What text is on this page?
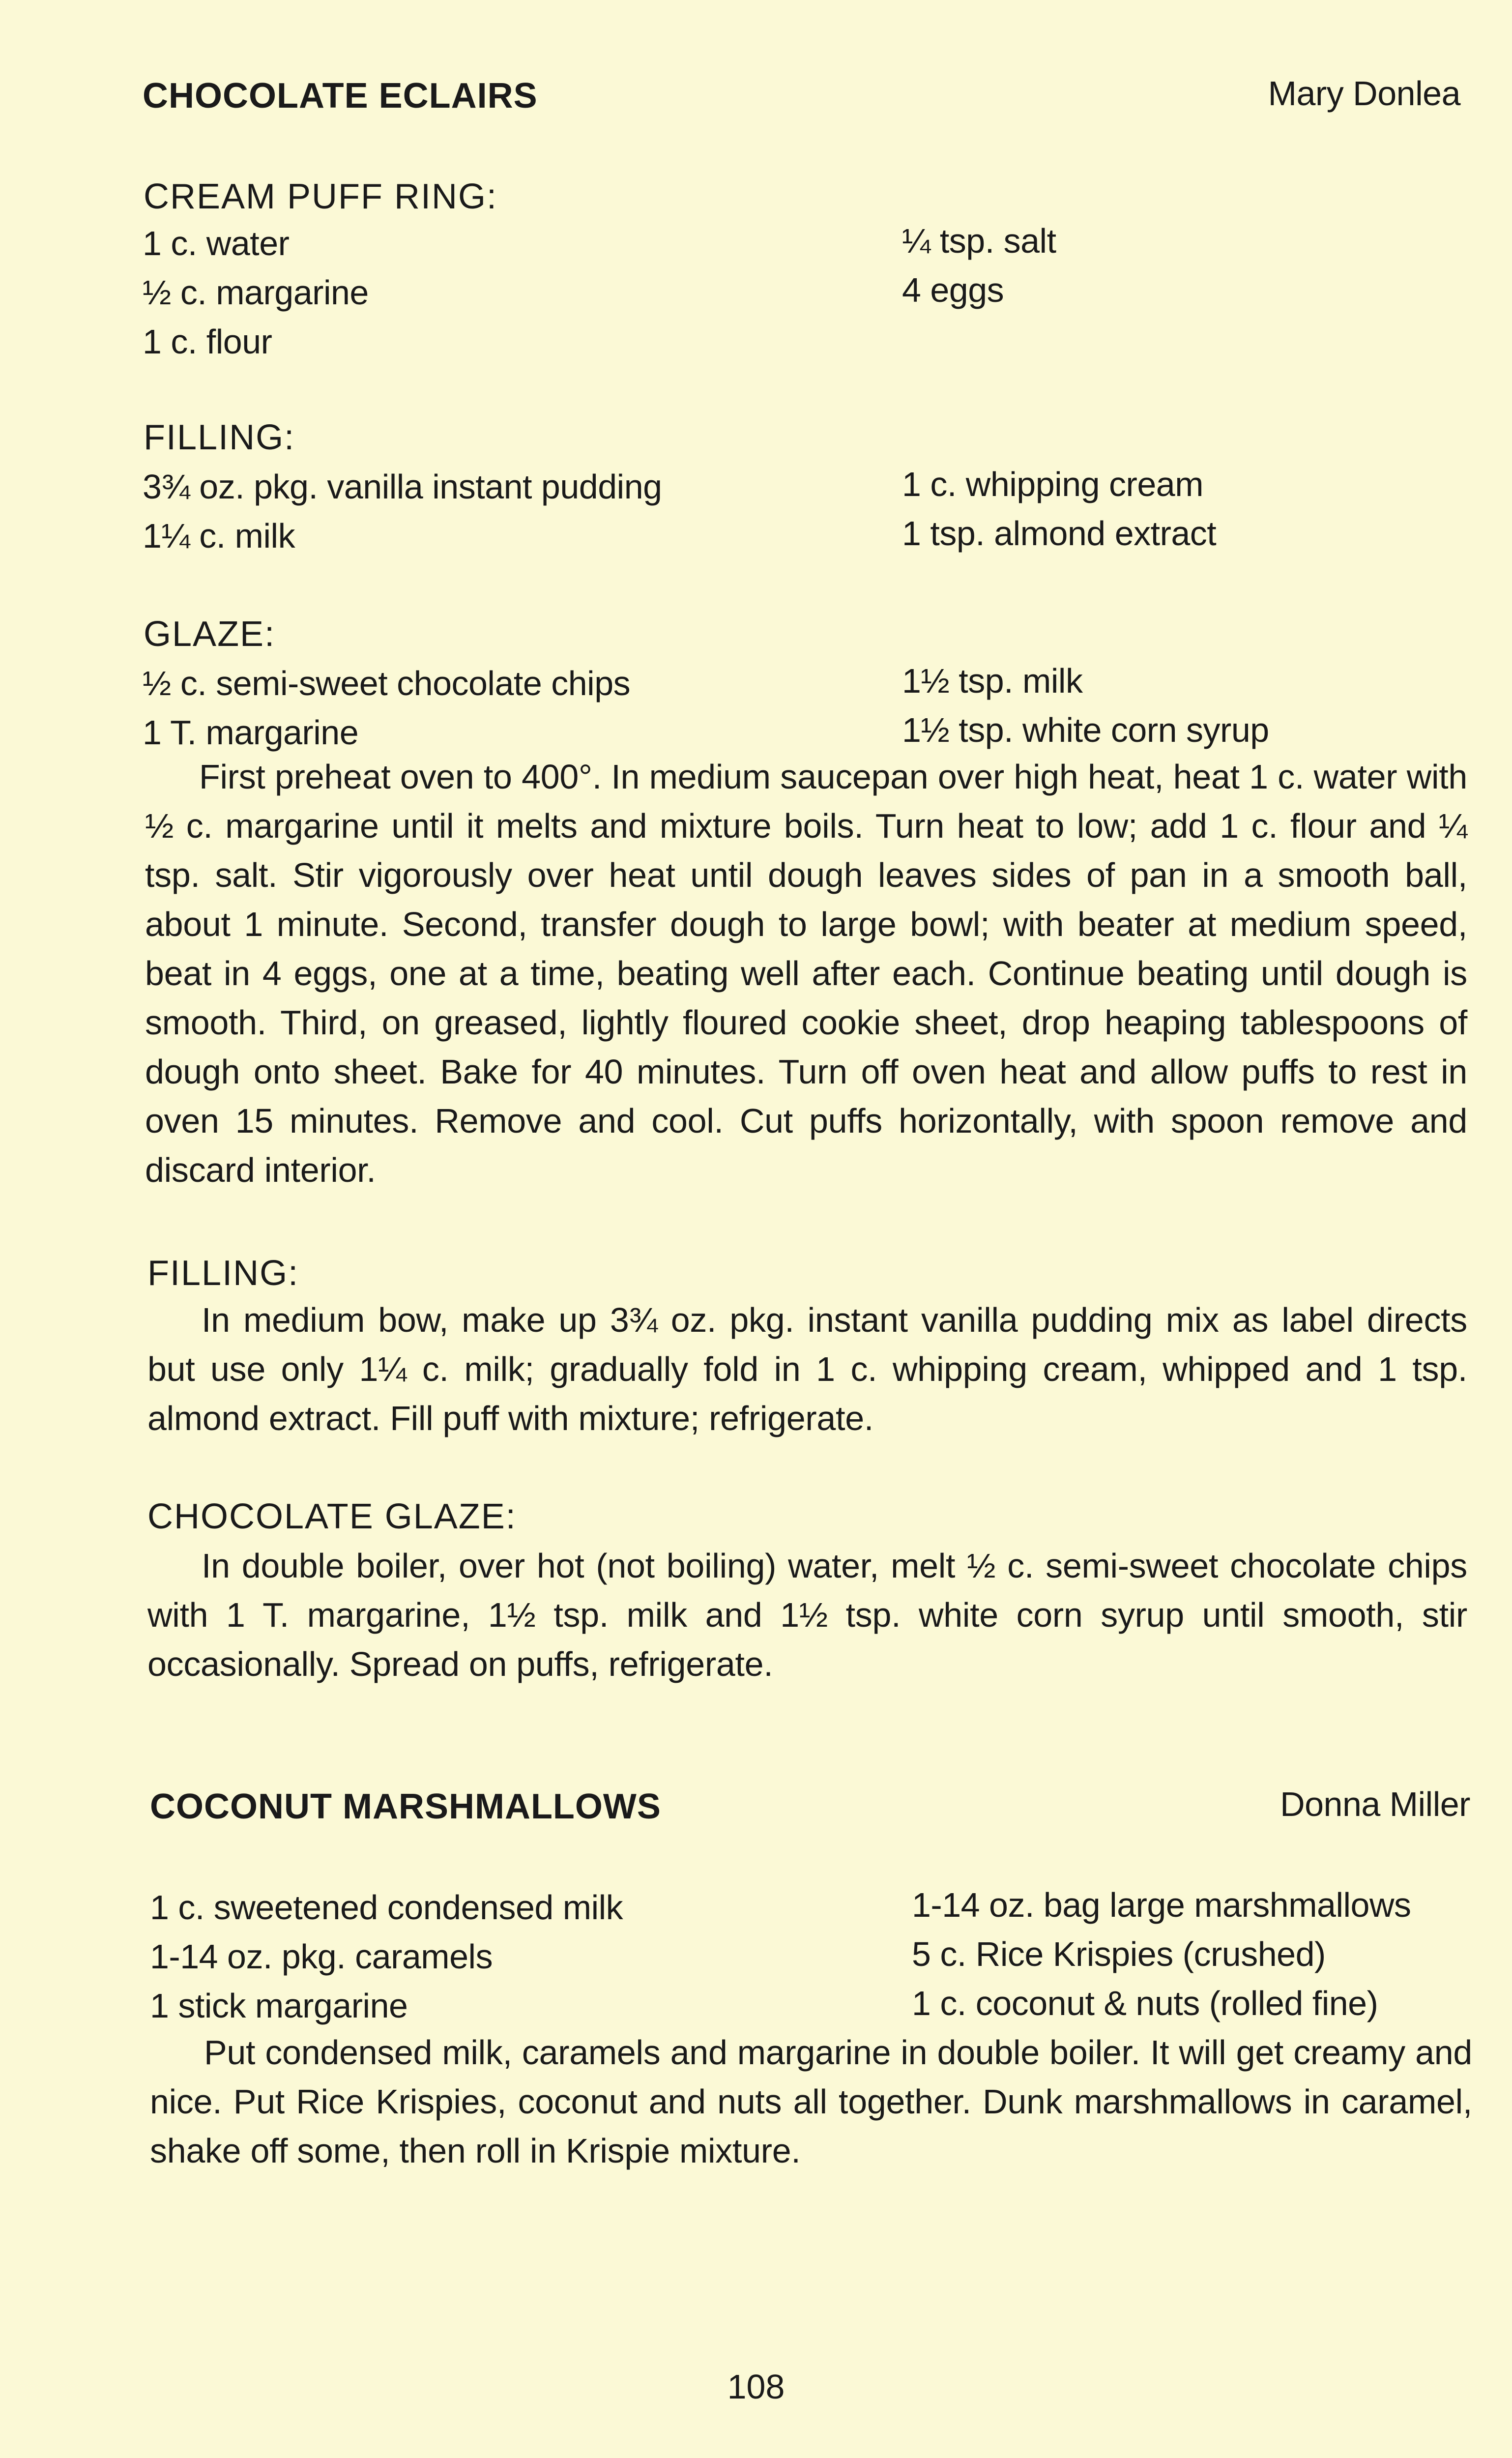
CHOCOLATE ECLAIRS	Mary Donlea
CREAM PUFF RING:
1 c. water
½ c. margarine
1 c. flour
¼ tsp. salt
4 eggs
FILLING:
3¾ oz. pkg. vanilla instant pudding
1¼ c. milk
1 c. whipping cream
1 tsp. almond extract
GLAZE:
½ c. semi-sweet chocolate chips
1 T. margarine
1½ tsp. milk
1½ tsp. white corn syrup
First preheat oven to 400°. In medium saucepan over high heat, heat 1 c. water with ½ c. margarine until it melts and mixture boils. Turn heat to low; add 1 c. flour and ¼ tsp. salt. Stir vigorously over heat until dough leaves sides of pan in a smooth ball, about 1 minute. Second, transfer dough to large bowl; with beater at medium speed, beat in 4 eggs, one at a time, beating well after each. Continue beating until dough is smooth. Third, on greased, lightly floured cookie sheet, drop heaping tablespoons of dough onto sheet. Bake for 40 minutes. Turn off oven heat and allow puffs to rest in oven 15 minutes. Remove and cool. Cut puffs horizontally, with spoon remove and discard interior.
FILLING:
In medium bow, make up 3¾ oz. pkg. instant vanilla pudding mix as label directs but use only 1¼ c. milk; gradually fold in 1 c. whipping cream, whipped and 1 tsp. almond extract. Fill puff with mixture; refrigerate.
CHOCOLATE GLAZE:
In double boiler, over hot (not boiling) water, melt ½ c. semi-sweet chocolate chips with 1 T. margarine, 1½ tsp. milk and 1½ tsp. white corn syrup until smooth, stir occasionally. Spread on puffs, refrigerate.
COCONUT MARSHMALLOWS	Donna Miller
1 c. sweetened condensed milk
1-14 oz. pkg. caramels
1 stick margarine
1-14 oz. bag large marshmallows
5 c. Rice Krispies (crushed)
1 c. coconut & nuts (rolled fine)
Put condensed milk, caramels and margarine in double boiler. It will get creamy and nice. Put Rice Krispies, coconut and nuts all together. Dunk marshmallows in caramel, shake off some, then roll in Krispie mixture.
108
